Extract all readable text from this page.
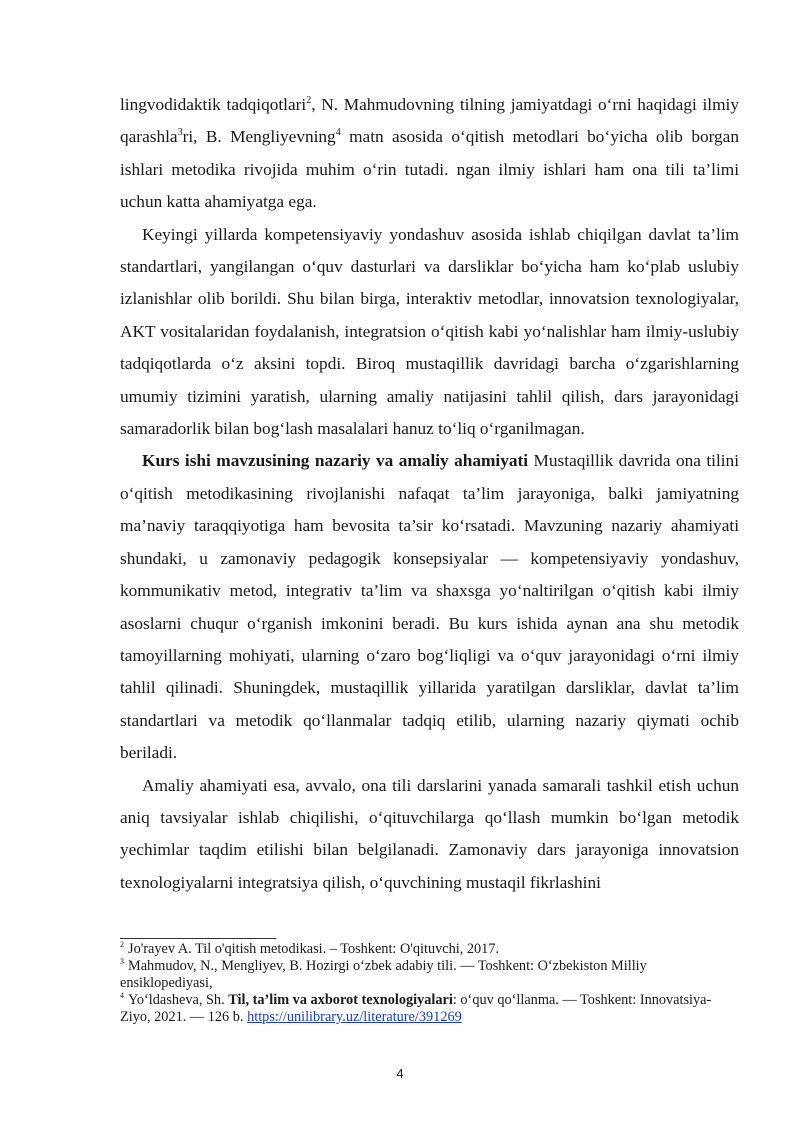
lingvodidaktik tadqiqotlari$^2$, N. Mahmudovning tilning jamiyatdagi o‘rni haqidagi ilmiy qarashla$^3$ri, B. Mengliyevning$^4$ matn asosida o‘qitish metodlari bo‘yicha olib borgan ishlari metodika rivojida muhim o‘rin tutadi. ngan ilmiy ishlari ham ona tili ta’limi uchun katta ahamiyatga ega.

Keyingi yillarda kompetensiyaviy yondashuv asosida ishlab chiqilgan davlat ta’lim standartlari, yangilangan o‘quv dasturlari va darsliklar bo‘yicha ham ko‘plab uslubiy izlanishlar olib borildi. Shu bilan birga, interaktiv metodlar, innovatsion texnologiyalar, AKT vositalaridan foydalanish, integratsion o‘qitish kabi yo‘nalishlar ham ilmiy-uslubiy tadqiqotlarda o‘z aksini topdi. Biroq mustaqillik davridagi barcha o‘zgarishlarning umumiy tizimini yaratish, ularning amaliy natijasini tahlil qilish, dars jarayonidagi samaradorlik bilan bog‘lash masalalari hanuz to‘liq o‘rganilmagan.

Kurs ishi mavzusining nazariy va amaliy ahamiyati Mustaqillik davrida ona tilini o‘qitish metodikasining rivojlanishi nafaqat ta’lim jarayoniga, balki jamiyatning ma’naviy taraqqiyotiga ham bevosita ta’sir ko‘rsatadi. Mavzuning nazariy ahamiyati shundaki, u zamonaviy pedagogik konsepsiyalar — kompetensiyaviy yondashuv, kommunikativ metod, integrativ ta’lim va shaxsga yo‘naltirilgan o‘qitish kabi ilmiy asoslarni chuqur o‘rganish imkonini beradi. Bu kurs ishida aynan ana shu metodik tamoyillarning mohiyati, ularning o‘zaro bog‘liqligi va o‘quv jarayonidagi o‘rni ilmiy tahlil qilinadi. Shuningdek, mustaqillik yillarida yaratilgan darsliklar, davlat ta’lim standartlari va metodik qo‘llanmalar tadqiq etilib, ularning nazariy qiymati ochib beriladi.

Amaliy ahamiyati esa, avvalo, ona tili darslarini yanada samarali tashkil etish uchun aniq tavsiyalar ishlab chiqilishi, o‘qituvchilarga qo‘llash mumkin bo‘lgan metodik yechimlar taqdim etilishi bilan belgilanadi. Zamonaviy dars jarayoniga innovatsion texnologiyalarni integratsiya qilish, o‘quvchining mustaqil fikrlashini

$^2$ Jo'rayev A. Til o'qitish metodikasi. – Toshkent: O'qituvchi, 2017.

$^3$ Mahmudov, N., Mengliyev, B. Hozirgi o‘zbek adabiy tili. — Toshkent: O‘zbekiston Milliy ensiklopediyasi,

$^4$ Yo‘ldasheva, Sh. Til, ta’lim va axborot texnologiyalari: o‘quv qo‘llanma. — Toshkent: Innovatsiya-Ziyo, 2021. — 126 b. https://unilibrary.uz/literature/391269

4
